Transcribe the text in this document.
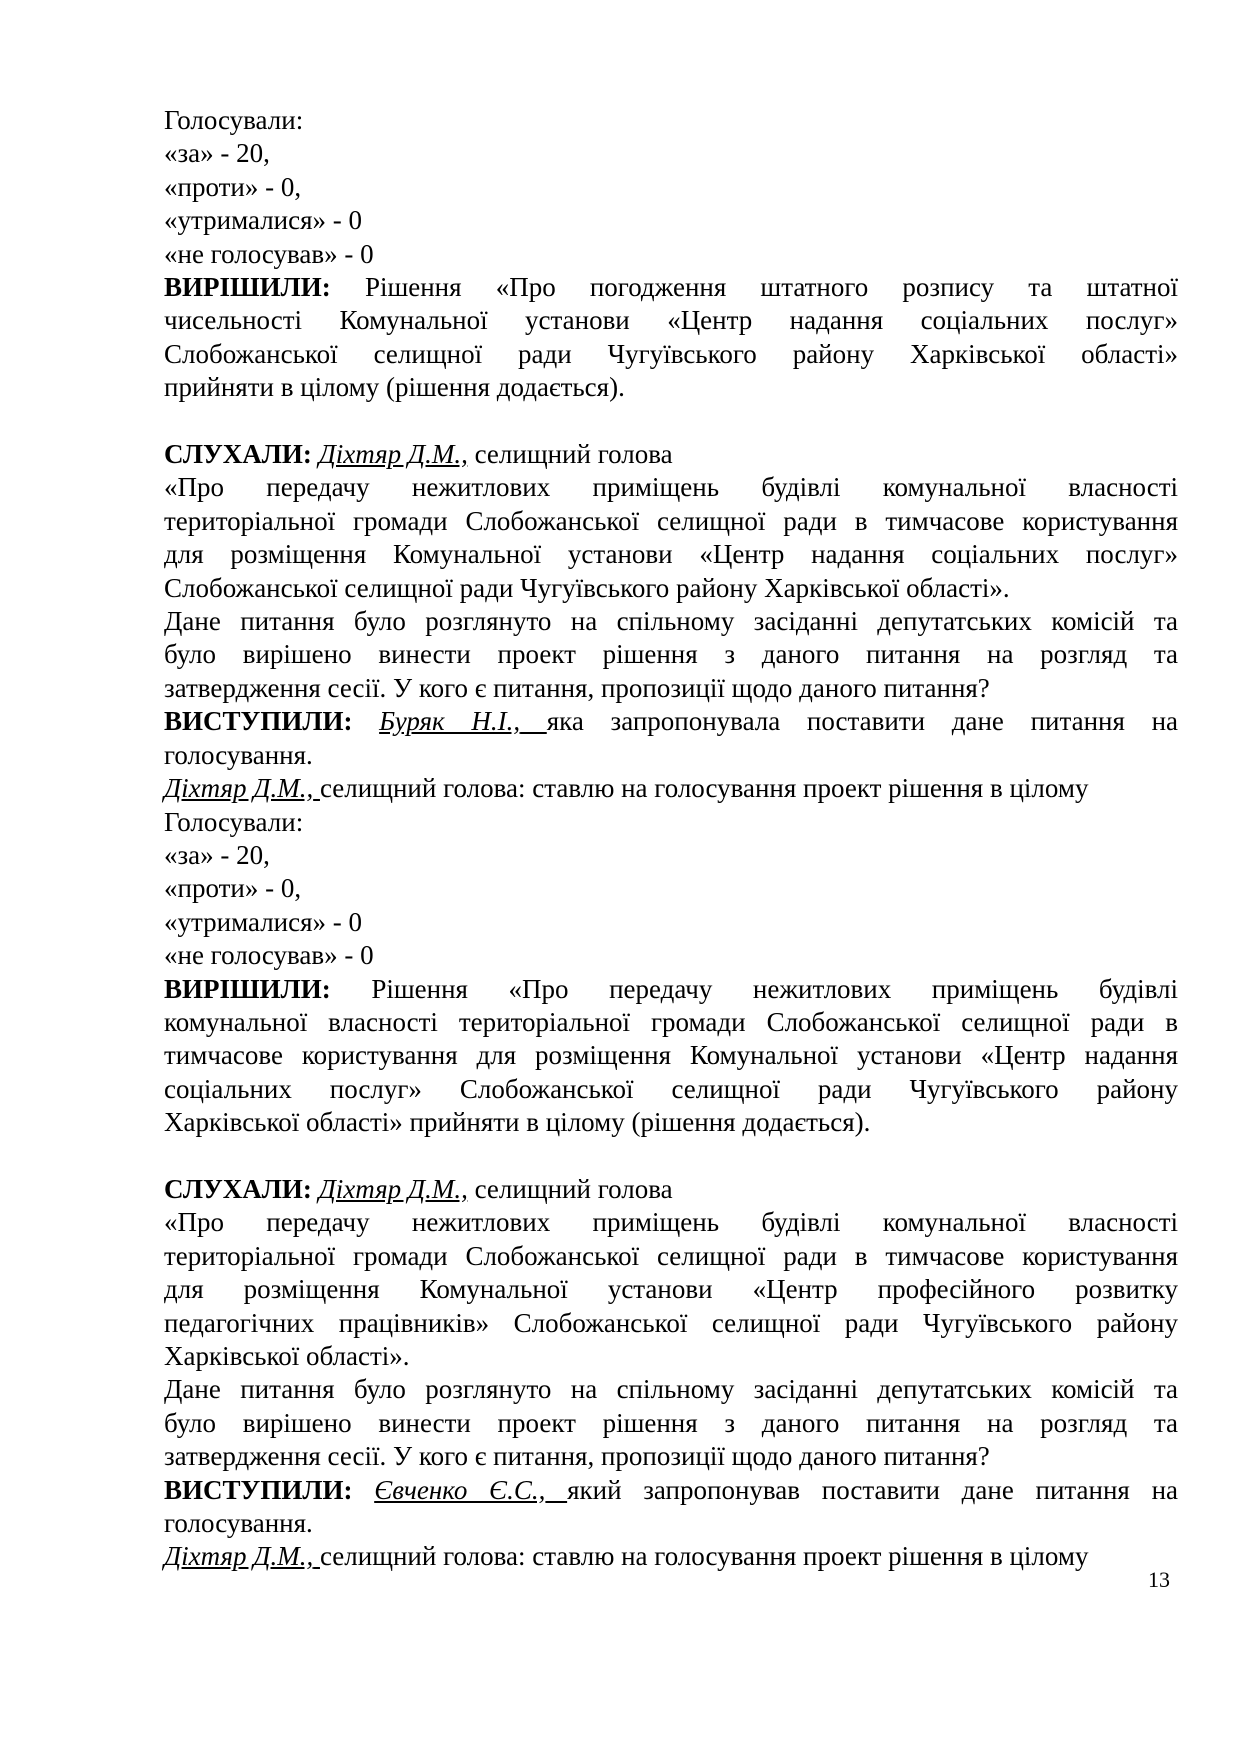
Голосували:
«за» - 20,
«проти» - 0,
«утрималися» - 0
«не голосував» - 0
ВИРІШИЛИ: Рішення «Про погодження штатного розпису та штатної
чисельності Комунальної установи «Центр надання соціальних послуг»
Слобожанської селищної ради Чугуївського району Харківської області»
прийняти в цілому (рішення додається).
СЛУХАЛИ: Діхтяр Д.М., селищний голова
«Про передачу нежитлових приміщень будівлі комунальної власності
територіальної громади Слобожанської селищної ради в тимчасове користування
для розміщення Комунальної установи «Центр надання соціальних послуг»
Слобожанської селищної ради Чугуївського району Харківської області».
Дане питання було розглянуто на спільному засіданні депутатських комісій та
було вирішено винести проект рішення з даного питання на розгляд та
затвердження сесії. У кого є питання, пропозиції щодо даного питання?
ВИСТУПИЛИ: Буряк Н.І., яка запропонувала поставити дане питання на
голосування.
Діхтяр Д.М., селищний голова: ставлю на голосування проект рішення в цілому
Голосували:
«за» - 20,
«проти» - 0,
«утрималися» - 0
«не голосував» - 0
ВИРІШИЛИ: Рішення «Про передачу нежитлових приміщень будівлі
комунальної власності територіальної громади Слобожанської селищної ради в
тимчасове користування для розміщення Комунальної установи «Центр надання
соціальних послуг» Слобожанської селищної ради Чугуївського району
Харківської області» прийняти в цілому (рішення додається).
СЛУХАЛИ: Діхтяр Д.М., селищний голова
«Про передачу нежитлових приміщень будівлі комунальної власності
територіальної громади Слобожанської селищної ради в тимчасове користування
для розміщення Комунальної установи «Центр професійного розвитку
педагогічних працівників» Слобожанської селищної ради Чугуївського району
Харківської області».
Дане питання було розглянуто на спільному засіданні депутатських комісій та
було вирішено винести проект рішення з даного питання на розгляд та
затвердження сесії. У кого є питання, пропозиції щодо даного питання?
ВИСТУПИЛИ: Євченко Є.С., який запропонував поставити дане питання на
голосування.
Діхтяр Д.М., селищний голова: ставлю на голосування проект рішення в цілому
13
